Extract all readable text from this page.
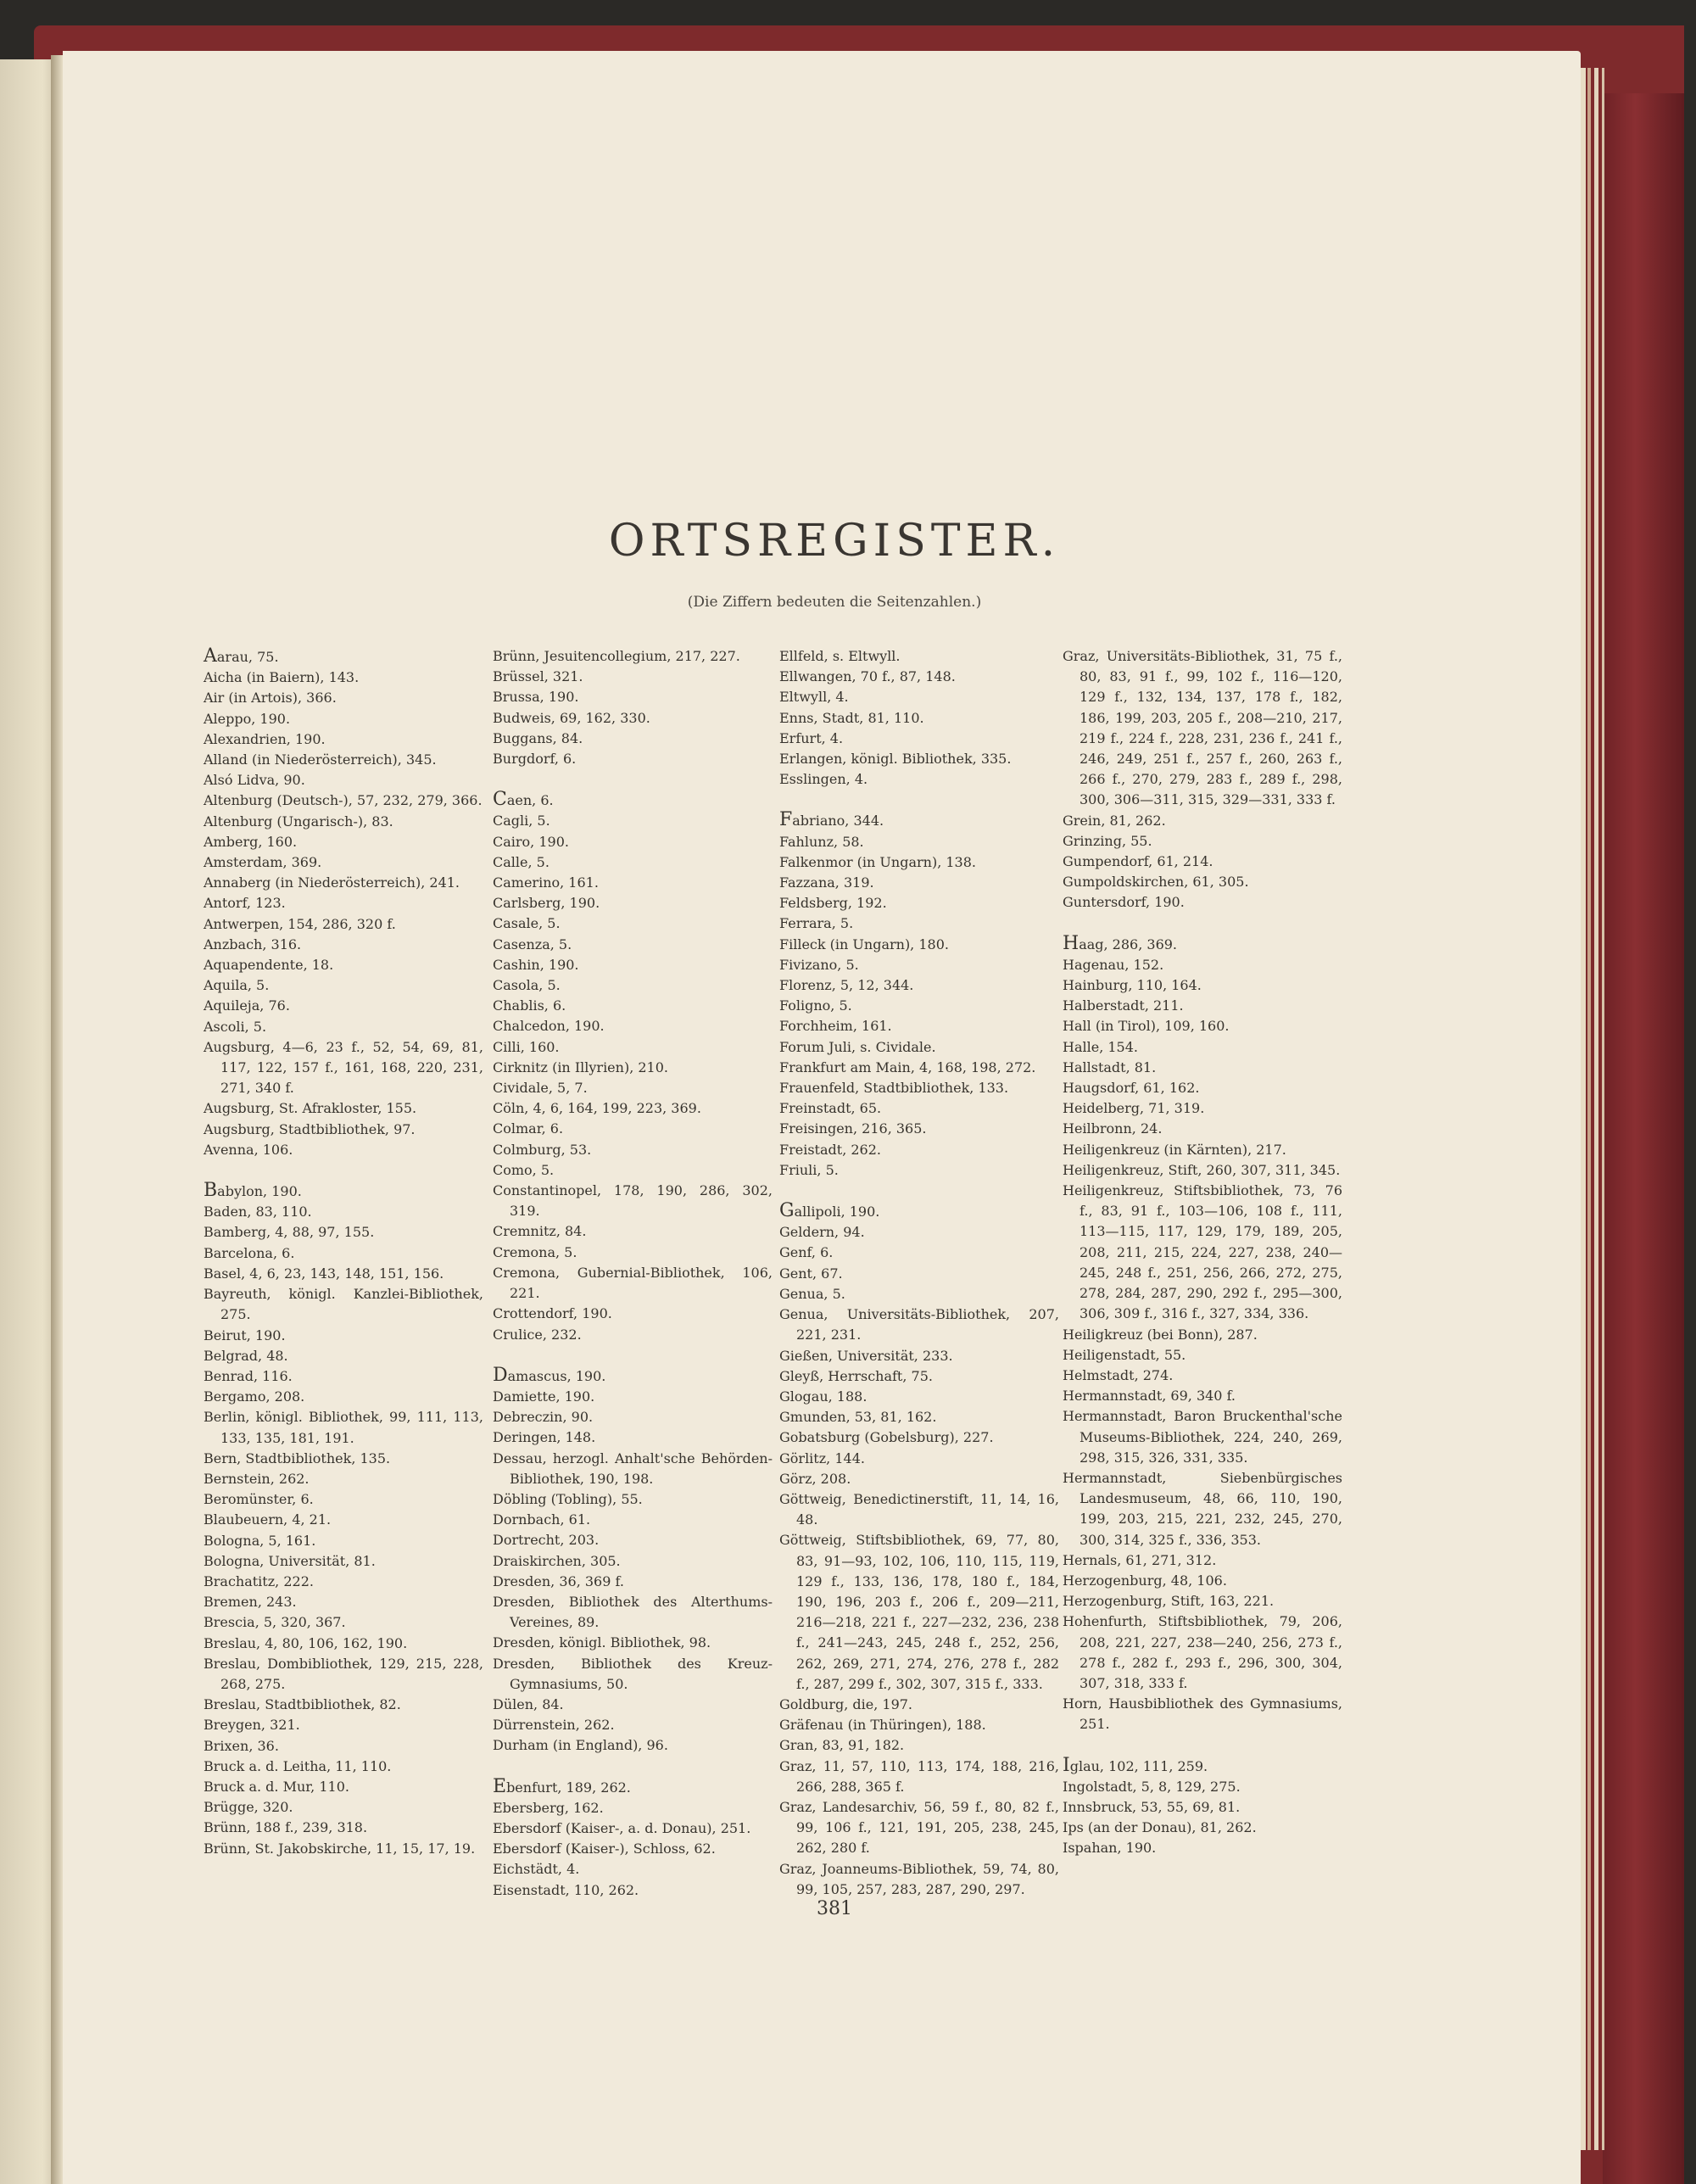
ORTSREGISTER.
(Die Ziffern bedeuten die Seitenzahlen.)

Aarau, 75.

Aicha (in Baiern), 143.

Air (in Artois), 366.

Aleppo, 190.

Alexandrien, 190.

Alland (in Niederösterreich), 345.

Alsó Lidva, 90.

Altenburg (Deutsch-), 57, 232, 279, 366.

Altenburg (Ungarisch-), 83.

Amberg, 160.

Amsterdam, 369.

Annaberg (in Niederösterreich), 241.

Antorf, 123.

Antwerpen, 154, 286, 320 f.

Anzbach, 316.

Aquapendente, 18.

Aquila, 5.

Aquileja, 76.

Ascoli, 5.

Augsburg, 4—6, 23 f., 52, 54, 69, 81, 117, 122, 157 f., 161, 168, 220, 231, 271, 340 f.

Augsburg, St. Afrakloster, 155.

Augsburg, Stadtbibliothek, 97.

Avenna, 106.

Babylon, 190.

Baden, 83, 110.

Bamberg, 4, 88, 97, 155.

Barcelona, 6.

Basel, 4, 6, 23, 143, 148, 151, 156.

Bayreuth, königl. Kanzlei-Bibliothek, 275.

Beirut, 190.

Belgrad, 48.

Benrad, 116.

Bergamo, 208.

Berlin, königl. Bibliothek, 99, 111, 113, 133, 135, 181, 191.

Bern, Stadtbibliothek, 135.

Bernstein, 262.

Beromünster, 6.

Blaubeuern, 4, 21.

Bologna, 5, 161.

Bologna, Universität, 81.

Brachatitz, 222.

Bremen, 243.

Brescia, 5, 320, 367.

Breslau, 4, 80, 106, 162, 190.

Breslau, Dombibliothek, 129, 215, 228, 268, 275.

Breslau, Stadtbibliothek, 82.

Breygen, 321.

Brixen, 36.

Bruck a. d. Leitha, 11, 110.

Bruck a. d. Mur, 110.

Brügge, 320.

Brünn, 188 f., 239, 318.

Brünn, St. Jakobskirche, 11, 15, 17, 19.

Brünn, Jesuitencollegium, 217, 227.

Brüssel, 321.

Brussa, 190.

Budweis, 69, 162, 330.

Buggans, 84.

Burgdorf, 6.

Caen, 6.

Cagli, 5.

Cairo, 190.

Calle, 5.

Camerino, 161.

Carlsberg, 190.

Casale, 5.

Casenza, 5.

Cashin, 190.

Casola, 5.

Chablis, 6.

Chalcedon, 190.

Cilli, 160.

Cirknitz (in Illyrien), 210.

Cividale, 5, 7.

Cöln, 4, 6, 164, 199, 223, 369.

Colmar, 6.

Colmburg, 53.

Como, 5.

Constantinopel, 178, 190, 286, 302, 319.

Cremnitz, 84.

Cremona, 5.

Cremona, Gubernial-Bibliothek, 106, 221.

Crottendorf, 190.

Crulice, 232.

Damascus, 190.

Damiette, 190.

Debreczin, 90.

Deringen, 148.

Dessau, herzogl. Anhalt'sche Behörden-Bibliothek, 190, 198.

Döbling (Tobling), 55.

Dornbach, 61.

Dortrecht, 203.

Draiskirchen, 305.

Dresden, 36, 369 f.

Dresden, Bibliothek des Alterthums-Vereines, 89.

Dresden, königl. Bibliothek, 98.

Dresden, Bibliothek des Kreuz-Gymnasiums, 50.

Dülen, 84.

Dürrenstein, 262.

Durham (in England), 96.

Ebenfurt, 189, 262.

Ebersberg, 162.

Ebersdorf (Kaiser-, a. d. Donau), 251.

Ebersdorf (Kaiser-), Schloss, 62.

Eichstädt, 4.

Eisenstadt, 110, 262.

Ellfeld, s. Eltwyll.

Ellwangen, 70 f., 87, 148.

Eltwyll, 4.

Enns, Stadt, 81, 110.

Erfurt, 4.

Erlangen, königl. Bibliothek, 335.

Esslingen, 4.

Fabriano, 344.

Fahlunz, 58.

Falkenmor (in Ungarn), 138.

Fazzana, 319.

Feldsberg, 192.

Ferrara, 5.

Filleck (in Ungarn), 180.

Fivizano, 5.

Florenz, 5, 12, 344.

Foligno, 5.

Forchheim, 161.

Forum Juli, s. Cividale.

Frankfurt am Main, 4, 168, 198, 272.

Frauenfeld, Stadtbibliothek, 133.

Freinstadt, 65.

Freisingen, 216, 365.

Freistadt, 262.

Friuli, 5.

Gallipoli, 190.

Geldern, 94.

Genf, 6.

Gent, 67.

Genua, 5.

Genua, Universitäts-Bibliothek, 207, 221, 231.

Gießen, Universität, 233.

Gleyß, Herrschaft, 75.

Glogau, 188.

Gmunden, 53, 81, 162.

Gobatsburg (Gobelsburg), 227.

Görlitz, 144.

Görz, 208.

Göttweig, Benedictinerstift, 11, 14, 16, 48.

Göttweig, Stiftsbibliothek, 69, 77, 80, 83, 91—93, 102, 106, 110, 115, 119, 129 f., 133, 136, 178, 180 f., 184, 190, 196, 203 f., 206 f., 209—211, 216—218, 221 f., 227—232, 236, 238 f., 241—243, 245, 248 f., 252, 256, 262, 269, 271, 274, 276, 278 f., 282 f., 287, 299 f., 302, 307, 315 f., 333.

Goldburg, die, 197.

Gräfenau (in Thüringen), 188.

Gran, 83, 91, 182.

Graz, 11, 57, 110, 113, 174, 188, 216, 266, 288, 365 f.

Graz, Landesarchiv, 56, 59 f., 80, 82 f., 99, 106 f., 121, 191, 205, 238, 245, 262, 280 f.

Graz, Joanneums-Bibliothek, 59, 74, 80, 99, 105, 257, 283, 287, 290, 297.

Graz, Universitäts-Bibliothek, 31, 75 f., 80, 83, 91 f., 99, 102 f., 116—120, 129 f., 132, 134, 137, 178 f., 182, 186, 199, 203, 205 f., 208—210, 217, 219 f., 224 f., 228, 231, 236 f., 241 f., 246, 249, 251 f., 257 f., 260, 263 f., 266 f., 270, 279, 283 f., 289 f., 298, 300, 306—311, 315, 329—331, 333 f.

Grein, 81, 262.

Grinzing, 55.

Gumpendorf, 61, 214.

Gumpoldskirchen, 61, 305.

Guntersdorf, 190.

Haag, 286, 369.

Hagenau, 152.

Hainburg, 110, 164.

Halberstadt, 211.

Hall (in Tirol), 109, 160.

Halle, 154.

Hallstadt, 81.

Haugsdorf, 61, 162.

Heidelberg, 71, 319.

Heilbronn, 24.

Heiligenkreuz (in Kärnten), 217.

Heiligenkreuz, Stift, 260, 307, 311, 345.

Heiligenkreuz, Stiftsbibliothek, 73, 76 f., 83, 91 f., 103—106, 108 f., 111, 113—115, 117, 129, 179, 189, 205, 208, 211, 215, 224, 227, 238, 240—245, 248 f., 251, 256, 266, 272, 275, 278, 284, 287, 290, 292 f., 295—300, 306, 309 f., 316 f., 327, 334, 336.

Heiligkreuz (bei Bonn), 287.

Heiligenstadt, 55.

Helmstadt, 274.

Hermannstadt, 69, 340 f.

Hermannstadt, Baron Bruckenthal'sche Museums-Bibliothek, 224, 240, 269, 298, 315, 326, 331, 335.

Hermannstadt, Siebenbürgisches Landesmuseum, 48, 66, 110, 190, 199, 203, 215, 221, 232, 245, 270, 300, 314, 325 f., 336, 353.

Hernals, 61, 271, 312.

Herzogenburg, 48, 106.

Herzogenburg, Stift, 163, 221.

Hohenfurth, Stiftsbibliothek, 79, 206, 208, 221, 227, 238—240, 256, 273 f., 278 f., 282 f., 293 f., 296, 300, 304, 307, 318, 333 f.

Horn, Hausbibliothek des Gymnasiums, 251.

Iglau, 102, 111, 259.

Ingolstadt, 5, 8, 129, 275.

Innsbruck, 53, 55, 69, 81.

Ips (an der Donau), 81, 262.

Ispahan, 190.

381
